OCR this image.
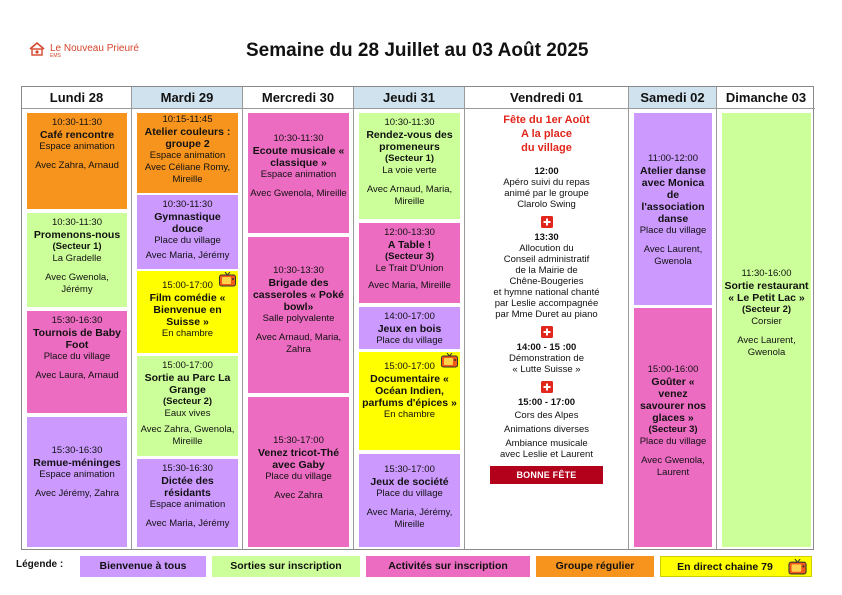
Le Nouveau Prieuré
EMS	Semaine du 28 Juillet au 03 Août 2025
Lundi 28
10:30-11:30
Café rencontre
Espace animation
Avec Zahra, Arnaud
10:30-11:30
Promenons-nous
(Secteur 1)
La Gradelle
Avec Gwenola, Jérémy
15:30-16:30
Tournois de Baby Foot
Place du village
Avec Laura, Arnaud
15:30-16:30
Remue-méninges
Espace animation
Avec Jérémy, Zahra
Mardi 29
10:15-11:45
Atelier couleurs : groupe 2
Espace animation
Avec Céliane Romy, Mireille
10:30-11:30
Gymnastique douce
Place du village
Avec Maria, Jérémy
15:00-17:00
Film comédie « Bienvenue en Suisse »
En chambre
15:00-17:00
Sortie au Parc La Grange
(Secteur 2)
Eaux vives
Avec Zahra, Gwenola, Mireille
15:30-16:30
Dictée des résidants
Espace animation
Avec Maria, Jérémy
Mercredi 30
10:30-11:30
Ecoute musicale « classique »
Espace animation
Avec Gwenola, Mireille
10:30-13:30
Brigade des casseroles « Poké bowl»
Salle polyvalente
Avec Arnaud, Maria, Zahra
15:30-17:00
Venez tricot-Thé avec Gaby
Place du village
Avec Zahra
Jeudi 31
10:30-11:30
Rendez-vous des promeneurs
(Secteur 1)
La voie verte
Avec Arnaud, Maria, Mireille
12:00-13:30
A Table !
(Secteur 3)
Le Trait D'Union
Avec Maria, Mireille
14:00-17:00
Jeux en bois
Place du village
15:00-17:00
Documentaire « Océan Indien, parfums d'épices »
En chambre
15:30-17:00
Jeux de société
Place du village
Avec Maria, Jérémy, Mireille
Vendredi 01
Fête du 1er Août
A la place
du village
12:00
Apéro suivi du repas
animé par le groupe
Clarolo Swing
13:30
Allocution du
Conseil administratif
de la Mairie de
Chêne-Bougeries
et hymne national chanté
par Leslie accompagnée
par Mme Duret au piano
14:00 - 15 :00
Démonstration de
« Lutte Suisse »
15:00 - 17:00
Cors des Alpes
Animations diverses
Ambiance musicale
avec Leslie et Laurent
BONNE FÊTE NATIONALE !
Samedi 02
11:00-12:00
Atelier danse avec Monica de l'association danse
Place du village
Avec Laurent, Gwenola
15:00-16:00
Goûter « venez savourer nos glaces »
(Secteur 3)
Place du village
Avec Gwenola, Laurent
Dimanche 03
11:30-16:00
Sortie restaurant « Le Petit Lac »
(Secteur 2)
Corsier
Avec Laurent, Gwenola
Légende :	Bienvenue à tous	Sorties sur inscription	Activités sur inscription	Groupe régulier	En direct chaine 79
